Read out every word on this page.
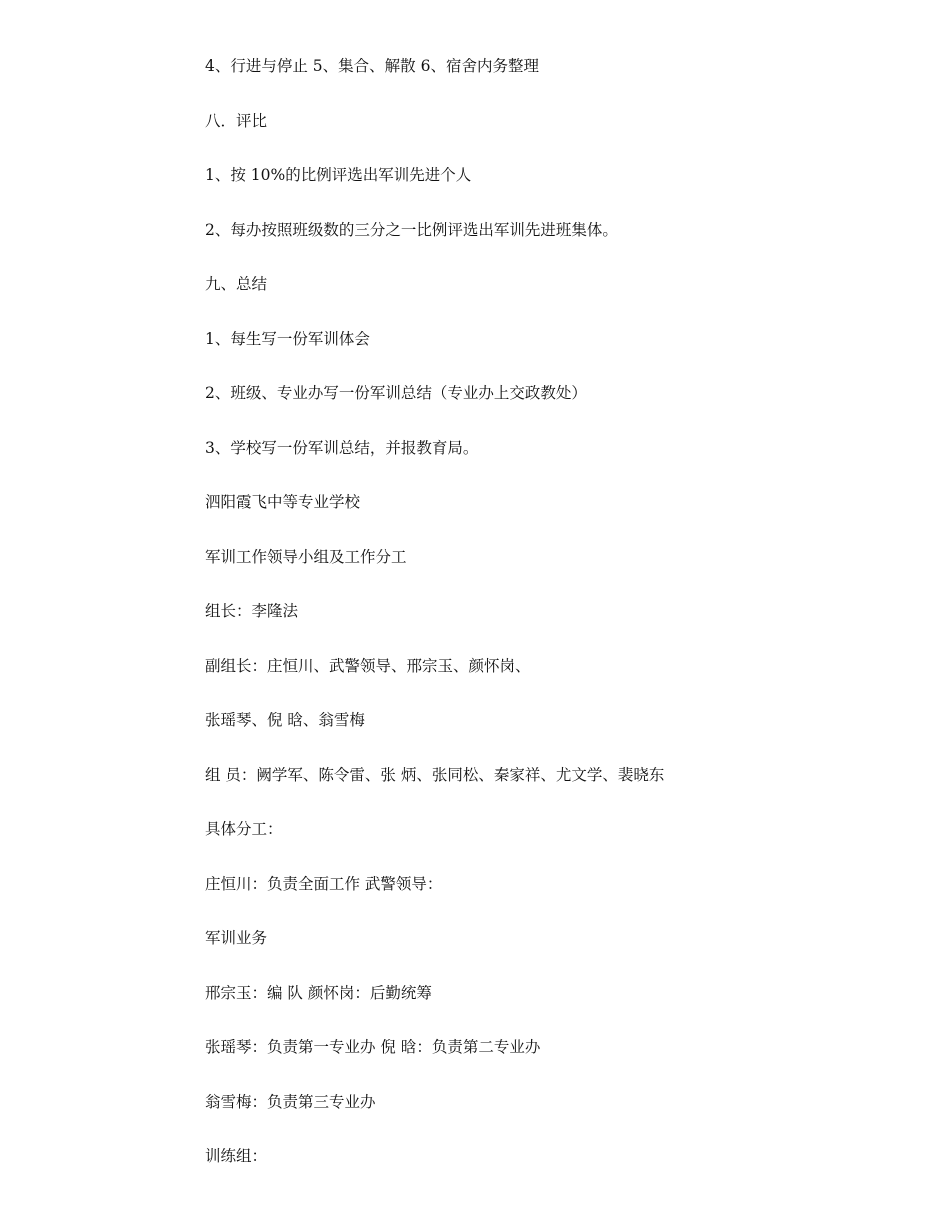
4、行进与停止 5、集合、解散 6、宿舍内务整理

八．评比

1、按 10%的比例评选出军训先进个人

2、每办按照班级数的三分之一比例评选出军训先进班集体。

九、总结

1、每生写一份军训体会

2、班级、专业办写一份军训总结（专业办上交政教处）

3、学校写一份军训总结，并报教育局。

泗阳霞飞中等专业学校

军训工作领导小组及工作分工

组长：李隆法

副组长：庄恒川、武警领导、邢宗玉、颜怀岗、

张瑶琴、倪 晗、翁雪梅

组 员：阙学军、陈令雷、张 炳、张同松、秦家祥、尤文学、裴晓东

具体分工：

庄恒川：负责全面工作 武警领导：

军训业务

邢宗玉：编 队 颜怀岗：后勤统筹

张瑶琴：负责第一专业办 倪 晗：负责第二专业办

翁雪梅：负责第三专业办

训练组：
